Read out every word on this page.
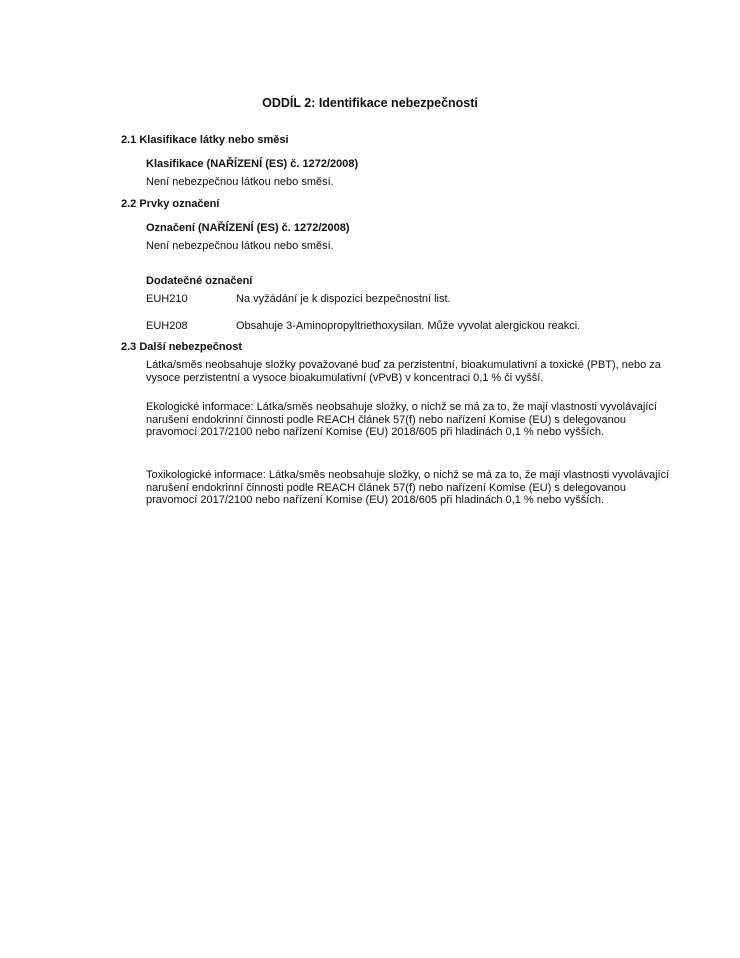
ODDÍL 2: Identifikace nebezpečnosti
2.1 Klasifikace látky nebo směsi
Klasifikace (NAŘÍZENÍ (ES) č. 1272/2008)
Není nebezpečnou látkou nebo směsí.
2.2 Prvky označení
Označení (NAŘÍZENÍ (ES) č. 1272/2008)
Není nebezpečnou látkou nebo směsí.
Dodatečné označení
EUH210	Na vyžádání je k dispozici bezpečnostní list.
EUH208	Obsahuje 3-Aminopropyltriethoxysilan. Může vyvolat alergickou reakci.
2.3 Další nebezpečnost
Látka/směs neobsahuje složky považované buď za perzistentní, bioakumulativní a toxické (PBT), nebo za vysoce perzistentní a vysoce bioakumulativní (vPvB) v koncentraci 0,1 % či vyšší.
Ekologické informace: Látka/směs neobsahuje složky, o nichž se má za to, že mají vlastnosti vyvolávající narušení endokrinní činnosti podle REACH článek 57(f) nebo nařízení Komise (EU) s delegovanou pravomocí 2017/2100 nebo nařízení Komise (EU) 2018/605 při hladinách 0,1 % nebo vyšších.
Toxikologické informace: Látka/směs neobsahuje složky, o nichž se má za to, že mají vlastnosti vyvolávající narušení endokrinní činnosti podle REACH článek 57(f) nebo nařízení Komise (EU) s delegovanou pravomocí 2017/2100 nebo nařízení Komise (EU) 2018/605 při hladinách 0,1 % nebo vyšších.
